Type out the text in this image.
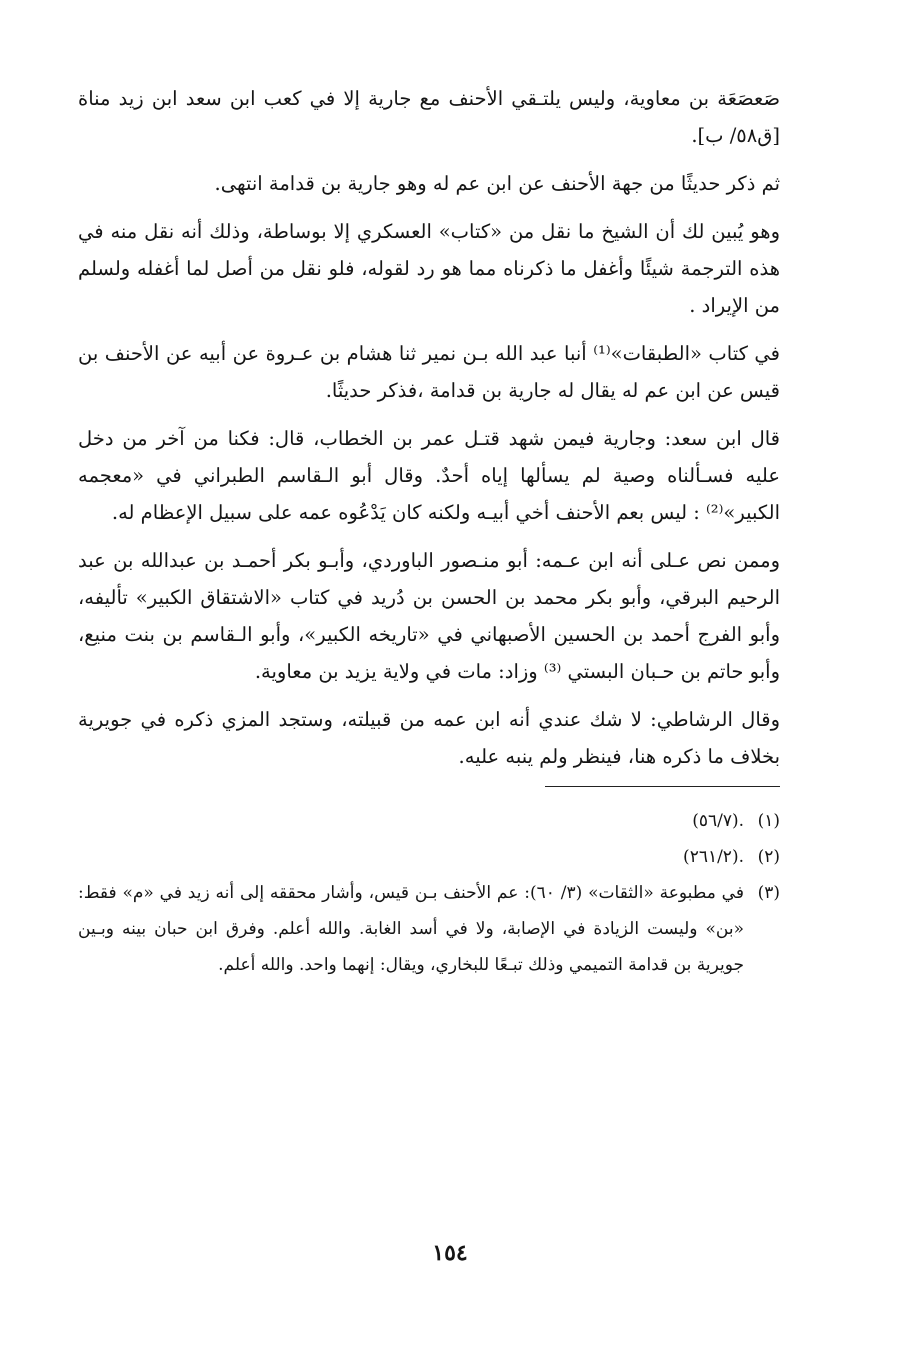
صَعصَعَة بن معاوية، وليس يلتـقي الأحنف مع جارية إلا في كعب ابن سعد ابن زيد مناة [ق٥٨/ ب].

ثم ذكر حديثًا من جهة الأحنف عن ابن عم له وهو جارية بن قدامة انتهى.

وهو يُبين لك أن الشيخ ما نقل من «كتاب» العسكري إلا بوساطة، وذلك أنه نقل منه في هذه الترجمة شيئًا وأغفل ما ذكرناه مما هو رد لقوله، فلو نقل من أصل لما أغفله ولسلم من الإيراد .

في كتاب «الطبقات»⁽¹⁾ أنبا عبد الله بـن نمير ثنا هشام بن عـروة عن أبيه عن الأحنف بن قيس عن ابن عم له يقال له جارية بن قدامة ،فذكر حديثًا.

قال ابن سعد: وجارية فيمن شهد قتـل عمر بن الخطاب، قال: فكنا من آخر من دخل عليه فسـألناه وصية لم يسألها إياه أحدٌ. وقال أبو الـقاسم الطبراني في «معجمه الكبير»⁽²⁾ : ليس بعم الأحنف أخي أبيـه ولكنه كان يَدْعُوه عمه على سبيل الإعظام له.

وممن نص عـلى أنه ابن عـمه: أبو منـصور الباوردي، وأبـو بكر أحمـد بن عبدالله بن عبد الرحيم البرقي، وأبو بكر محمد بن الحسن بن دُريد في كتاب «الاشتقاق الكبير» تأليفه، وأبو الفرج أحمد بن الحسين الأصبهاني في «تاريخه الكبير»، وأبو الـقاسم بن بنت منيع، وأبو حاتم بن حـبان البستي ⁽³⁾ وزاد: مات في ولاية يزيد بن معاوية.

وقال الرشاطي: لا شك عندي أنه ابن عمه من قبيلته، وستجد المزي ذكره في جويرية بخلاف ما ذكره هنا، فينظر ولم ينبه عليه.

(١)
.(٥٦/٧)
(٢)
.(٢٦١/٢)
(٣)
في مطبوعة «الثقات» (٣/ ٦٠): عم الأحنف بـن قيس، وأشار محققه إلى أنه زيد في «م» فقط: «بن» وليست الزيادة في الإصابة، ولا في أسد الغابة. والله أعلم. وفرق ابن حبان بينه وبـين جويرية بن قدامة التميمي وذلك تبـعًا للبخاري، ويقال: إنهما واحد. والله أعلم.
١٥٤
